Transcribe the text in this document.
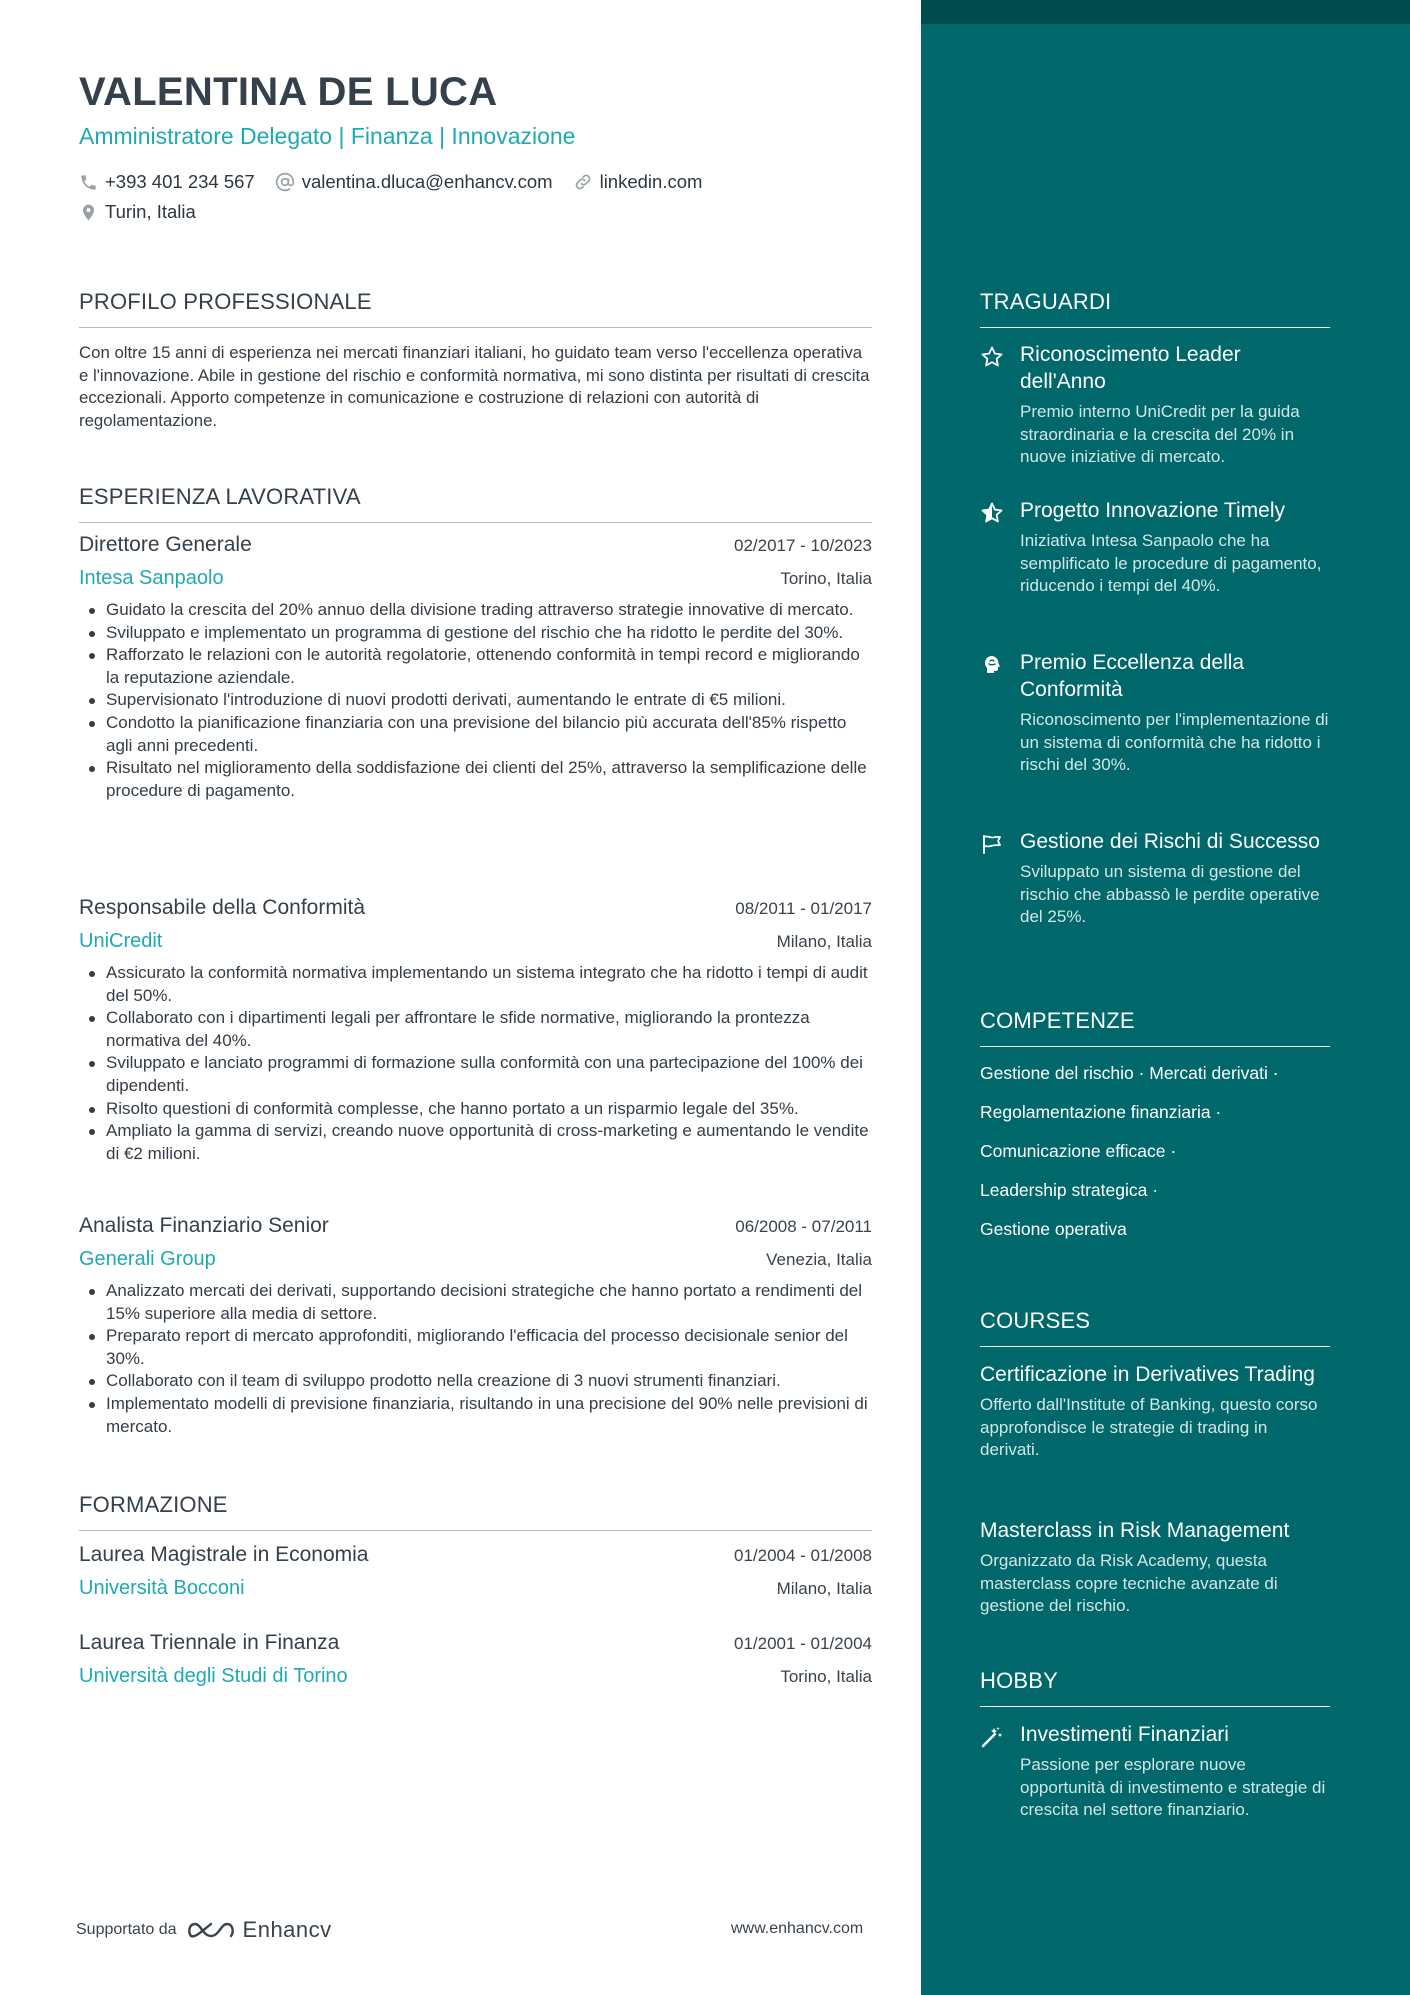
VALENTINA DE LUCA
Amministratore Delegato | Finanza | Innovazione
+393 401 234 567	valentina.dluca@enhancv.com	linkedin.com
Turin, Italia
PROFILO PROFESSIONALE
Con oltre 15 anni di esperienza nei mercati finanziari italiani, ho guidato team verso l'eccellenza operativa e l'innovazione. Abile in gestione del rischio e conformità normativa, mi sono distinta per risultati di crescita eccezionali. Apporto competenze in comunicazione e costruzione di relazioni con autorità di regolamentazione.
ESPERIENZA LAVORATIVA
Direttore Generale	02/2017 - 10/2023
Intesa Sanpaolo	Torino, Italia
Guidato la crescita del 20% annuo della divisione trading attraverso strategie innovative di mercato.
Sviluppato e implementato un programma di gestione del rischio che ha ridotto le perdite del 30%.
Rafforzato le relazioni con le autorità regolatorie, ottenendo conformità in tempi record e migliorando la reputazione aziendale.
Supervisionato l'introduzione di nuovi prodotti derivati, aumentando le entrate di €5 milioni.
Condotto la pianificazione finanziaria con una previsione del bilancio più accurata dell'85% rispetto agli anni precedenti.
Risultato nel miglioramento della soddisfazione dei clienti del 25%, attraverso la semplificazione delle procedure di pagamento.
Responsabile della Conformità	08/2011 - 01/2017
UniCredit	Milano, Italia
Assicurato la conformità normativa implementando un sistema integrato che ha ridotto i tempi di audit del 50%.
Collaborato con i dipartimenti legali per affrontare le sfide normative, migliorando la prontezza normativa del 40%.
Sviluppato e lanciato programmi di formazione sulla conformità con una partecipazione del 100% dei dipendenti.
Risolto questioni di conformità complesse, che hanno portato a un risparmio legale del 35%.
Ampliato la gamma di servizi, creando nuove opportunità di cross-marketing e aumentando le vendite di €2 milioni.
Analista Finanziario Senior	06/2008 - 07/2011
Generali Group	Venezia, Italia
Analizzato mercati dei derivati, supportando decisioni strategiche che hanno portato a rendimenti del 15% superiore alla media di settore.
Preparato report di mercato approfonditi, migliorando l'efficacia del processo decisionale senior del 30%.
Collaborato con il team di sviluppo prodotto nella creazione di 3 nuovi strumenti finanziari.
Implementato modelli di previsione finanziaria, risultando in una precisione del 90% nelle previsioni di mercato.
FORMAZIONE
Laurea Magistrale in Economia	01/2004 - 01/2008
Università Bocconi	Milano, Italia
Laurea Triennale in Finanza	01/2001 - 01/2004
Università degli Studi di Torino	Torino, Italia
Supportato da	Enhancv	www.enhancv.com
TRAGUARDI
Riconoscimento Leader dell'Anno
Premio interno UniCredit per la guida straordinaria e la crescita del 20% in nuove iniziative di mercato.
Progetto Innovazione Timely
Iniziativa Intesa Sanpaolo che ha semplificato le procedure di pagamento, riducendo i tempi del 40%.
Premio Eccellenza della Conformità
Riconoscimento per l'implementazione di un sistema di conformità che ha ridotto i rischi del 30%.
Gestione dei Rischi di Successo
Sviluppato un sistema di gestione del rischio che abbassò le perdite operative del 25%.
COMPETENZE
Gestione del rischio · Mercati derivati ·
Regolamentazione finanziaria ·
Comunicazione efficace ·
Leadership strategica ·
Gestione operativa
COURSES
Certificazione in Derivatives Trading
Offerto dall'Institute of Banking, questo corso approfondisce le strategie di trading in derivati.
Masterclass in Risk Management
Organizzato da Risk Academy, questa masterclass copre tecniche avanzate di gestione del rischio.
HOBBY
Investimenti Finanziari
Passione per esplorare nuove opportunità di investimento e strategie di crescita nel settore finanziario.
